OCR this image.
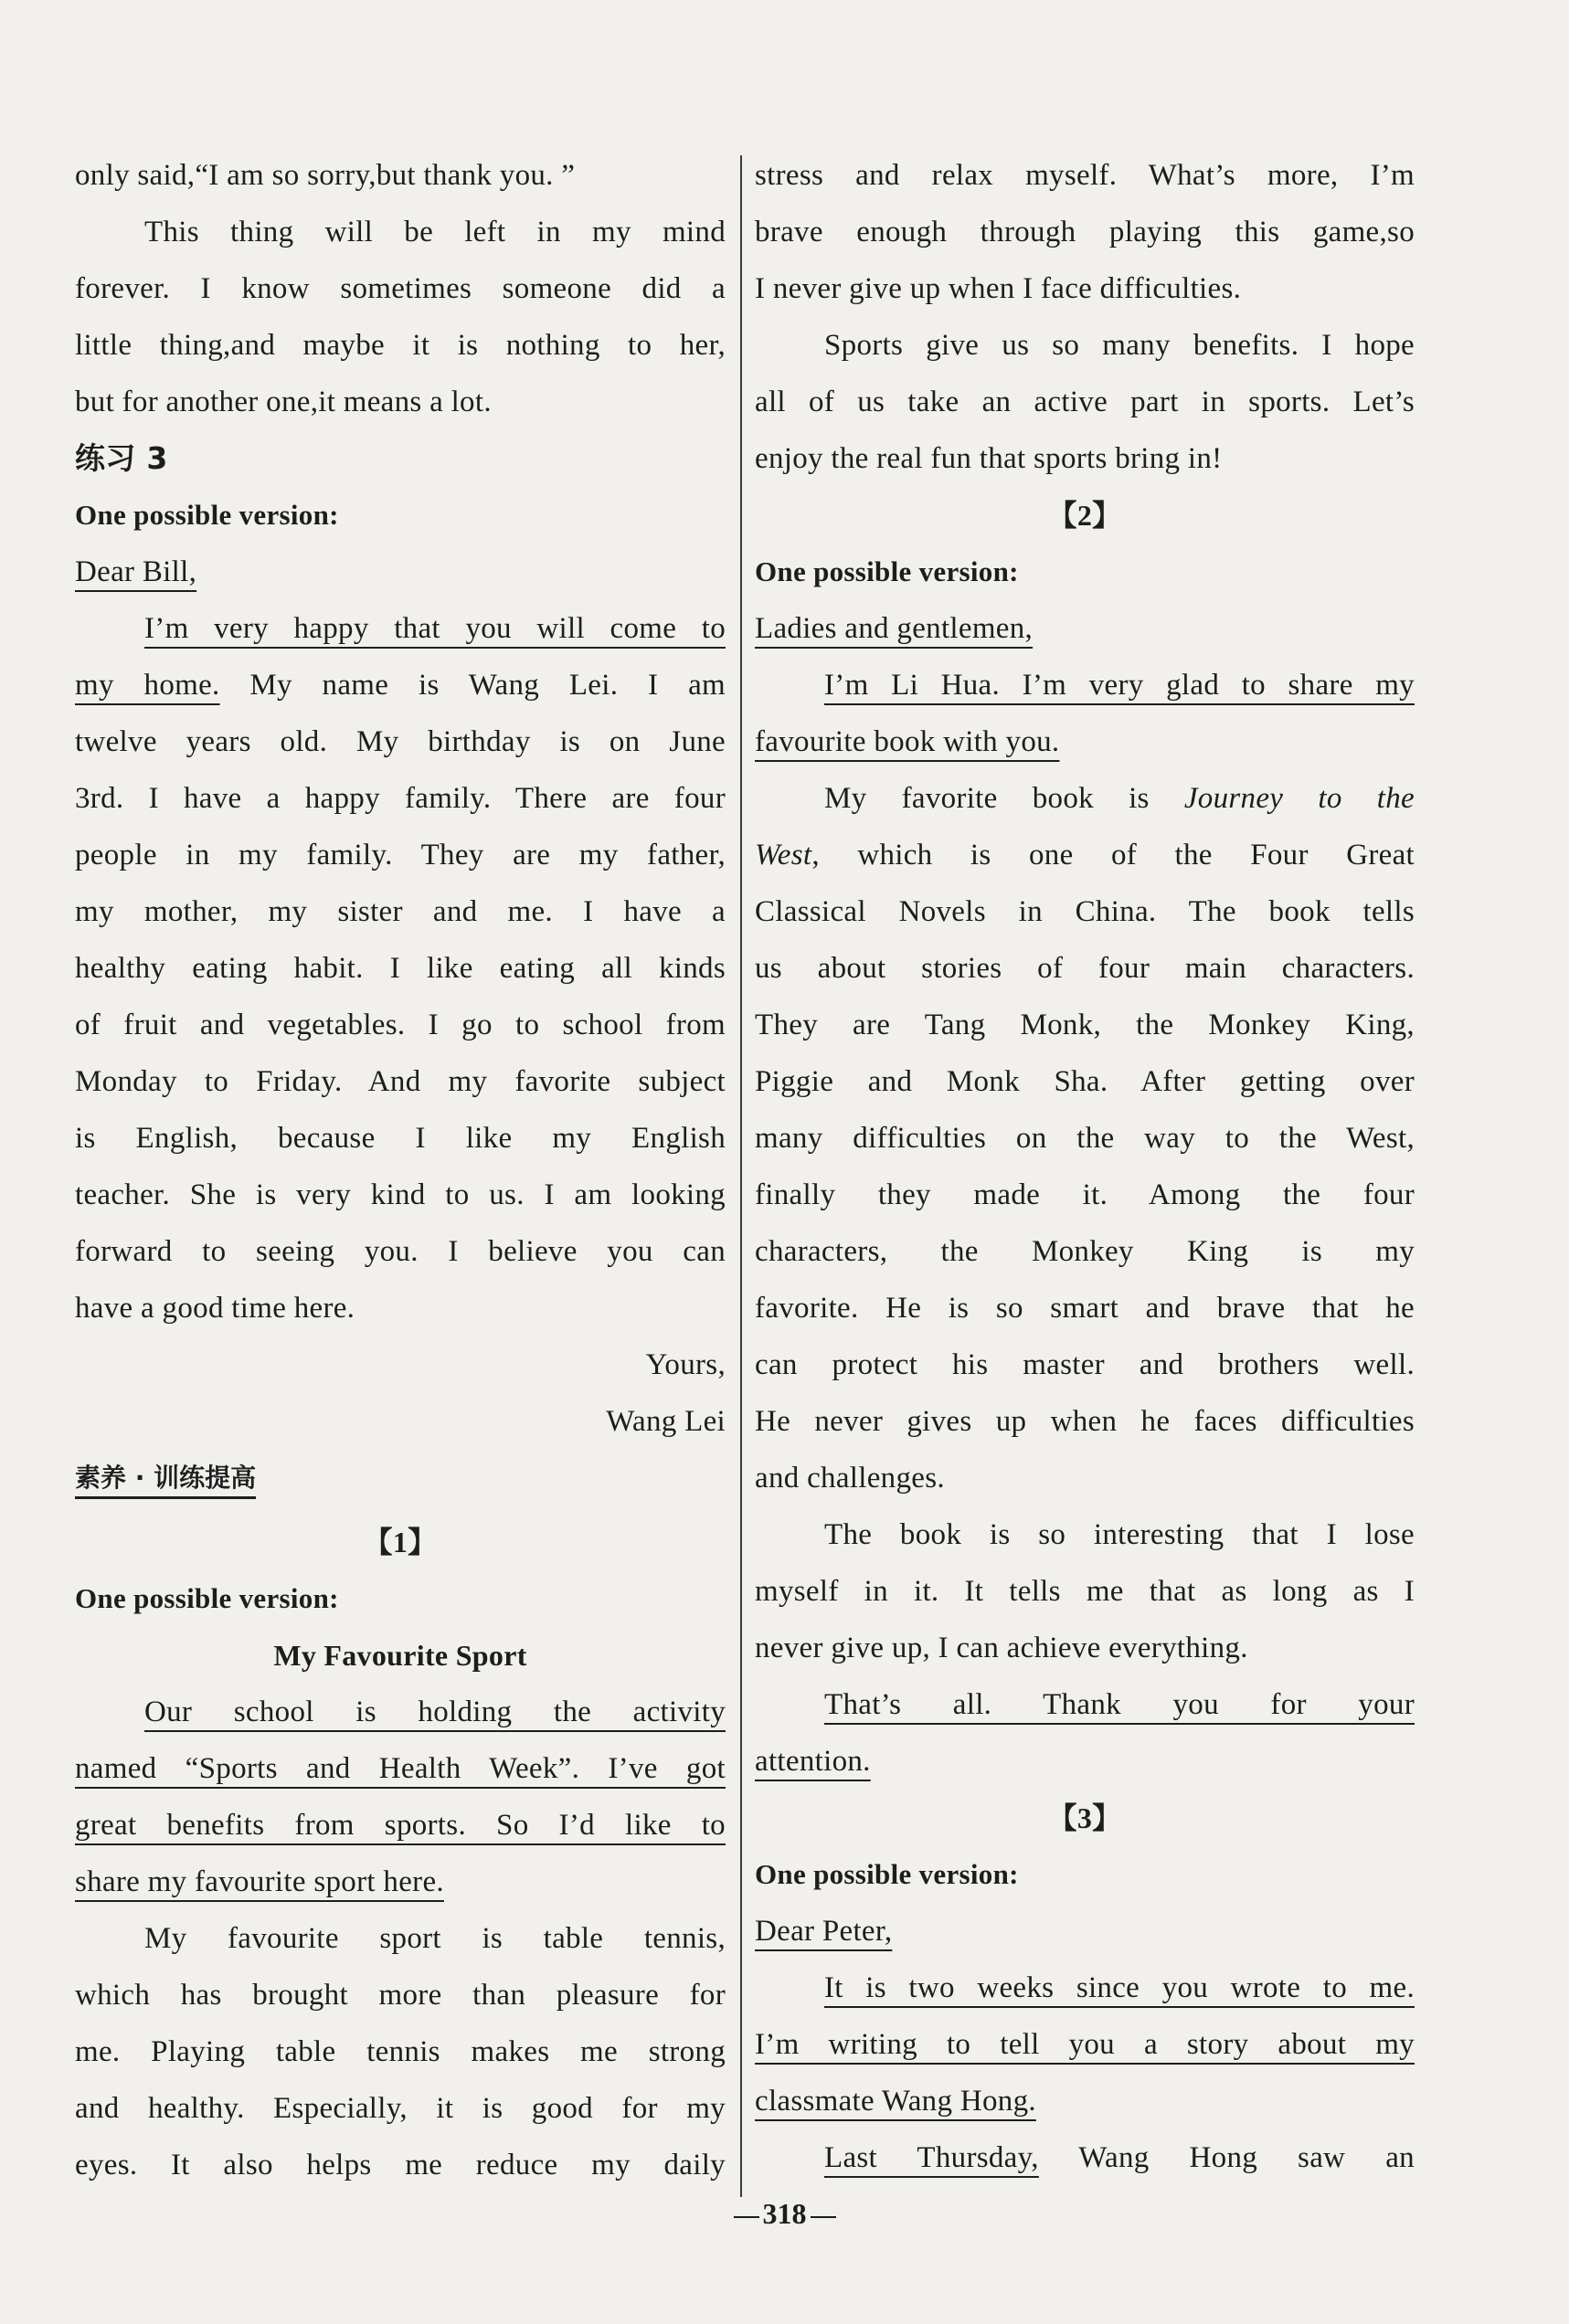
only said,“I am so sorry,but thank you. ”
This thing will be left in my mind
forever. I know sometimes someone did a
little thing,and maybe it is nothing to her,
but for another one,it means a lot.
练习 3
One possible version:
Dear Bill,
I’m very happy that you will come to
my home. My name is Wang Lei. I am
twelve years old. My birthday is on June
3rd. I have a happy family. There are four
people in my family. They are my father,
my mother, my sister and me. I have a
healthy eating habit. I like eating all kinds
of fruit and vegetables. I go to school from
Monday to Friday. And my favorite subject
is English, because I like my English
teacher. She is very kind to us. I am looking
forward to seeing you. I believe you can
have a good time here.
Yours,
Wang Lei
素养 · 训练提高
【1】
One possible version:
My Favourite Sport
Our school is holding the activity
named “Sports and Health Week”. I’ve got
great benefits from sports. So I’d like to
share my favourite sport here.
My favourite sport is table tennis,
which has brought more than pleasure for
me. Playing table tennis makes me strong
and healthy. Especially, it is good for my
eyes. It also helps me reduce my daily
stress and relax myself. What’s more, I’m
brave enough through playing this game,so
I never give up when I face difficulties.
Sports give us so many benefits. I hope
all of us take an active part in sports. Let’s
enjoy the real fun that sports bring in!
【2】
One possible version:
Ladies and gentlemen,
I’m Li Hua. I’m very glad to share my
favourite book with you.
My favorite book is Journey to the
West, which is one of the Four Great
Classical Novels in China. The book tells
us about stories of four main characters.
They are Tang Monk, the Monkey King,
Piggie and Monk Sha. After getting over
many difficulties on the way to the West,
finally they made it. Among the four
characters, the Monkey King is my
favorite. He is so smart and brave that he
can protect his master and brothers well.
He never gives up when he faces difficulties
and challenges.
The book is so interesting that I lose
myself in it. It tells me that as long as I
never give up, I can achieve everything.
That’s all. Thank you for your
attention.
【3】
One possible version:
Dear Peter,
It is two weeks since you wrote to me.
I’m writing to tell you a story about my
classmate Wang Hong.
Last Thursday, Wang Hong saw an
318
